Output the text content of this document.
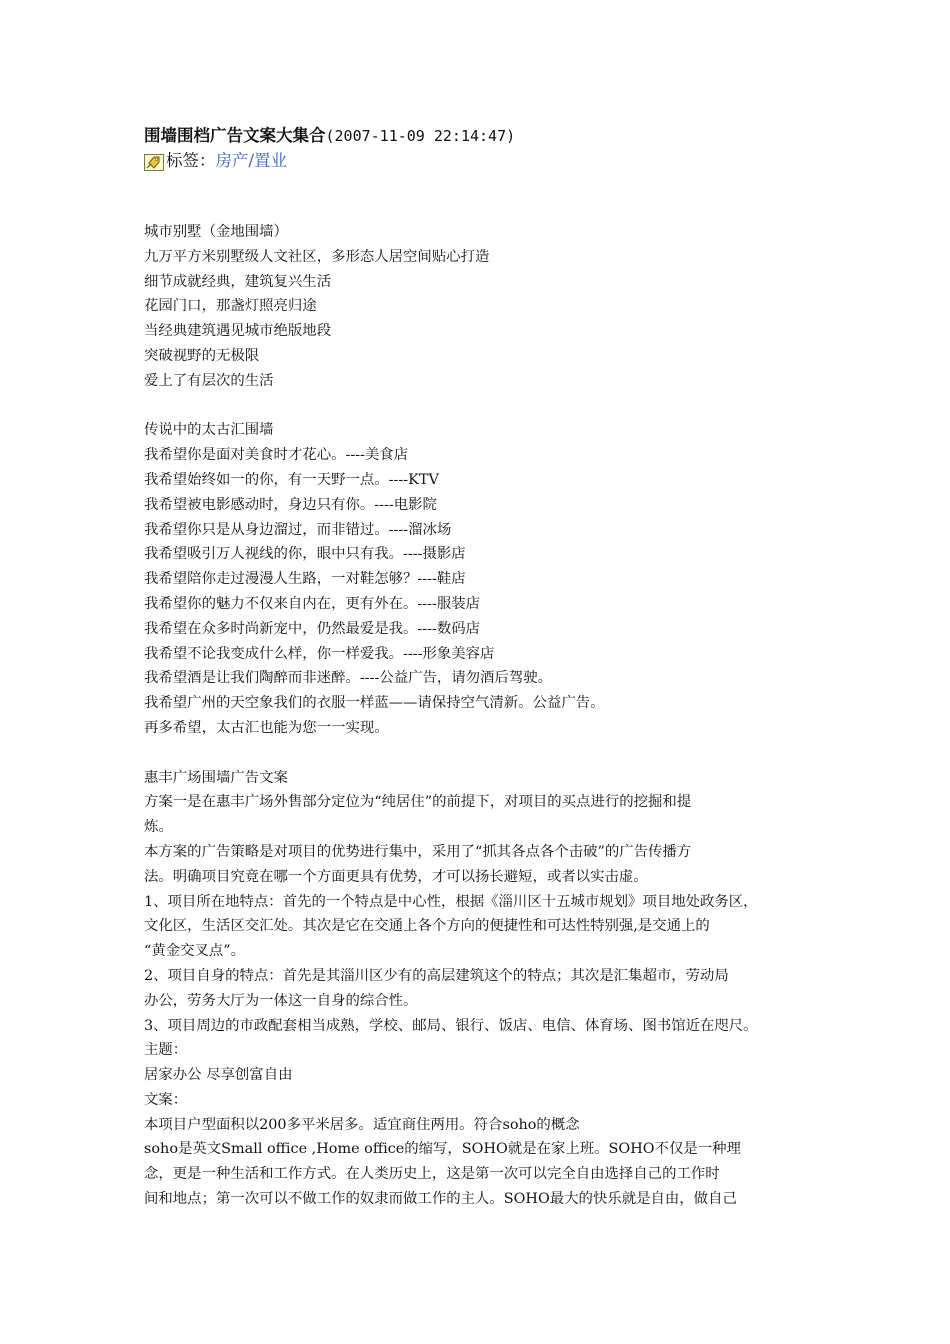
围墙围档广告文案大集合(2007-11-09 22:14:47)
标签： 房产/置业
城市别墅（金地围墙）
九万平方米别墅级人文社区，多形态人居空间贴心打造
细节成就经典，建筑复兴生活
花园门口，那盏灯照亮归途
当经典建筑遇见城市绝版地段
突破视野的无极限
爱上了有层次的生活
传说中的太古汇围墙
我希望你是面对美食时才花心。----美食店
我希望始终如一的你，有一天野一点。----KTV
我希望被电影感动时，身边只有你。----电影院
我希望你只是从身边溜过，而非错过。----溜冰场
我希望吸引万人视线的你，眼中只有我。----摄影店
我希望陪你走过漫漫人生路，一对鞋怎够？----鞋店
我希望你的魅力不仅来自内在，更有外在。----服装店
我希望在众多时尚新宠中，仍然最爱是我。----数码店
我希望不论我变成什么样，你一样爱我。----形象美容店
我希望酒是让我们陶醉而非迷醉。----公益广告，请勿酒后驾驶。
我希望广州的天空象我们的衣服一样蓝——请保持空气清新。公益广告。
再多希望，太古汇也能为您一一实现。
惠丰广场围墙广告文案
方案一是在惠丰广场外售部分定位为“纯居住”的前提下，对项目的买点进行的挖掘和提
炼。
本方案的广告策略是对项目的优势进行集中，采用了“抓其各点各个击破”的广告传播方
法。明确项目究竟在哪一个方面更具有优势，才可以扬长避短，或者以实击虚。
1、项目所在地特点：首先的一个特点是中心性，根据《淄川区十五城市规划》项目地处政务区，
文化区，生活区交汇处。其次是它在交通上各个方向的便捷性和可达性特别强,是交通上的
“黄金交叉点”。
2、项目自身的特点：首先是其淄川区少有的高层建筑这个的特点；其次是汇集超市，劳动局
办公，劳务大厅为一体这一自身的综合性。
3、项目周边的市政配套相当成熟，学校、邮局、银行、饭店、电信、体育场、图书馆近在咫尺。
主题：
居家办公 尽享创富自由
文案：
本项目户型面积以200多平米居多。适宜商住两用。符合soho的概念
soho是英文Small office ,Home office的缩写，SOHO就是在家上班。SOHO不仅是一种理
念，更是一种生活和工作方式。在人类历史上，这是第一次可以完全自由选择自己的工作时
间和地点；第一次可以不做工作的奴隶而做工作的主人。SOHO最大的快乐就是自由，做自己
